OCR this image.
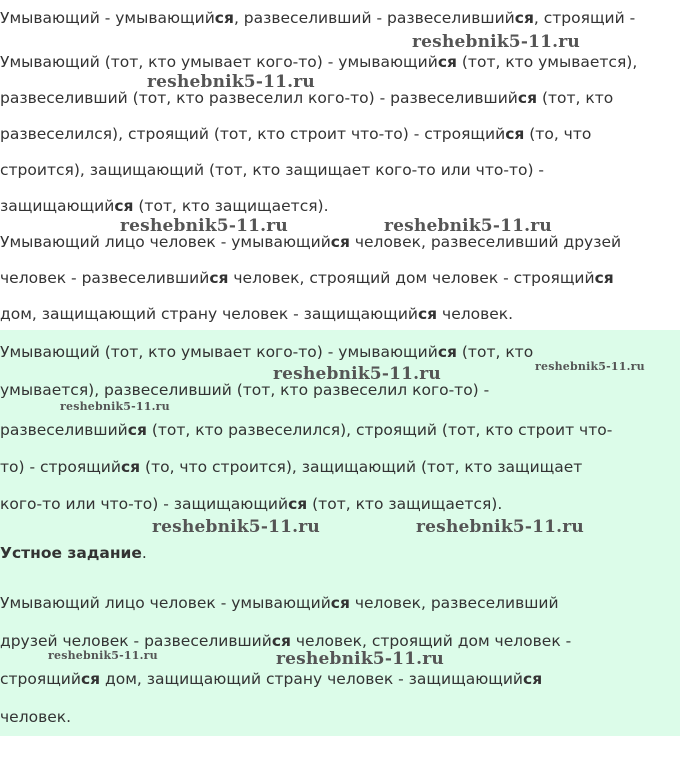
Умывающий - умывающийся, развеселивший - развеселившийся, строящий -
Умывающий (тот, кто умывает кого-то) - умывающийся (тот, кто умывается),
развеселивший (тот, кто развеселил кого-то) - развеселившийся (тот, кто
развеселился), строящий (тот, кто строит что-то) - строящийся (то, что
строится), защищающий (тот, кто защищает кого-то или что-то) -
защищающийся (тот, кто защищается).
Умывающий лицо человек - умывающийся человек, развеселивший друзей
человек - развеселившийся человек, строящий дом человек - строящийся
дом, защищающий страну человек - защищающийся человек.
Умывающий (тот, кто умывает кого-то) - умывающийся (тот, кто
умывается), развеселивший (тот, кто развеселил кого-то) -
развеселившийся (тот, кто развеселился), строящий (тот, кто строит что-
то) - строящийся (то, что строится), защищающий (тот, кто защищает
кого-то или что-то) - защищающийся (тот, кто защищается).
Устное задание.
Умывающий лицо человек - умывающийся человек, развеселивший
друзей человек - развеселившийся человек, строящий дом человек -
строящийся дом, защищающий страну человек - защищающийся
человек.
reshebnik5-11.ru
reshebnik5-11.ru
reshebnik5-11.ru	reshebnik5-11.ru
reshebnik5-11.ru	reshebnik5-11.ru
reshebnik5-11.ru
reshebnik5-11.ru	reshebnik5-11.ru
reshebnik5-11.ru	reshebnik5-11.ru
